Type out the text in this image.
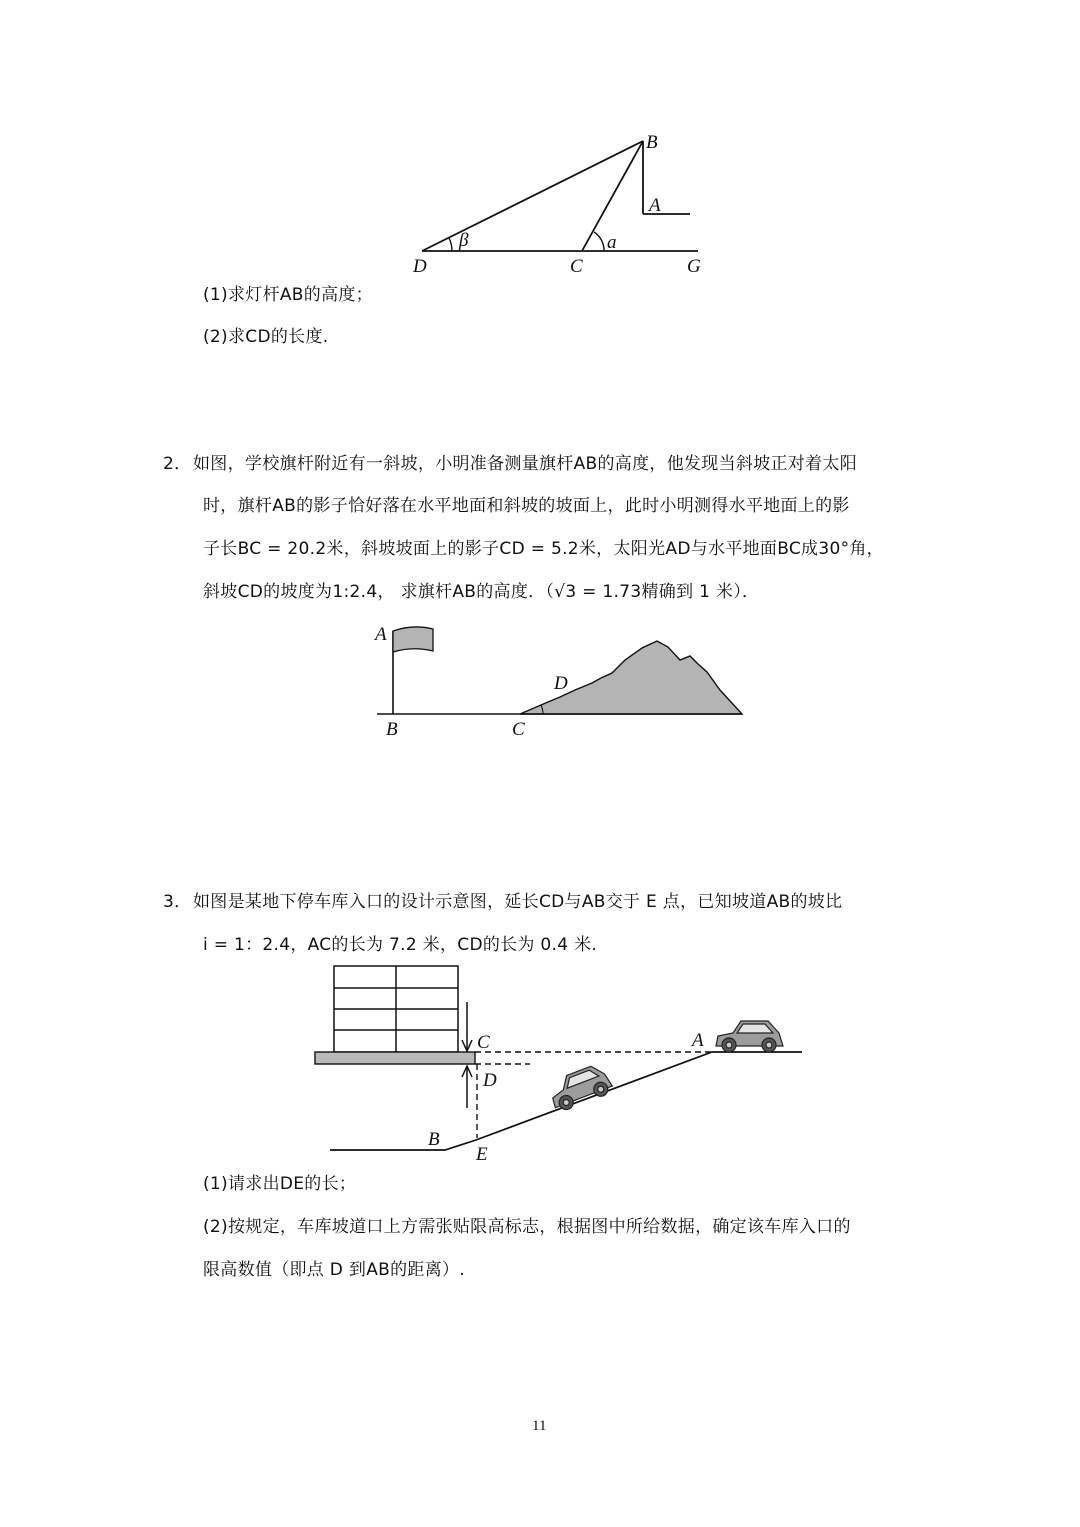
B
A
D	C	G
β	a
(1)求灯杆AB的高度；
(2)求CD的长度.
2． 如图，学校旗杆附近有一斜坡，小明准备测量旗杆AB的高度，他发现当斜坡正对着太阳
时，旗杆AB的影子恰好落在水平地面和斜坡的坡面上，此时小明测得水平地面上的影
子长BC = 20.2米，斜坡坡面上的影子CD = 5.2米，太阳光AD与水平地面BC成30°角，
斜坡CD的坡度为1:2.4， 求旗杆AB的高度．（√3 = 1.73精确到 1 米）．
A
D
B	C
3． 如图是某地下停车库入口的设计示意图，延长CD与AB交于 E 点，已知坡道AB的坡比
i = 1：2.4，AC的长为 7.2 米，CD的长为 0.4 米.
C	A
D
B
E
(1)请求出DE的长；
(2)按规定，车库坡道口上方需张贴限高标志，根据图中所给数据，确定该车库入口的
限高数值（即点 D 到AB的距离）.
11
